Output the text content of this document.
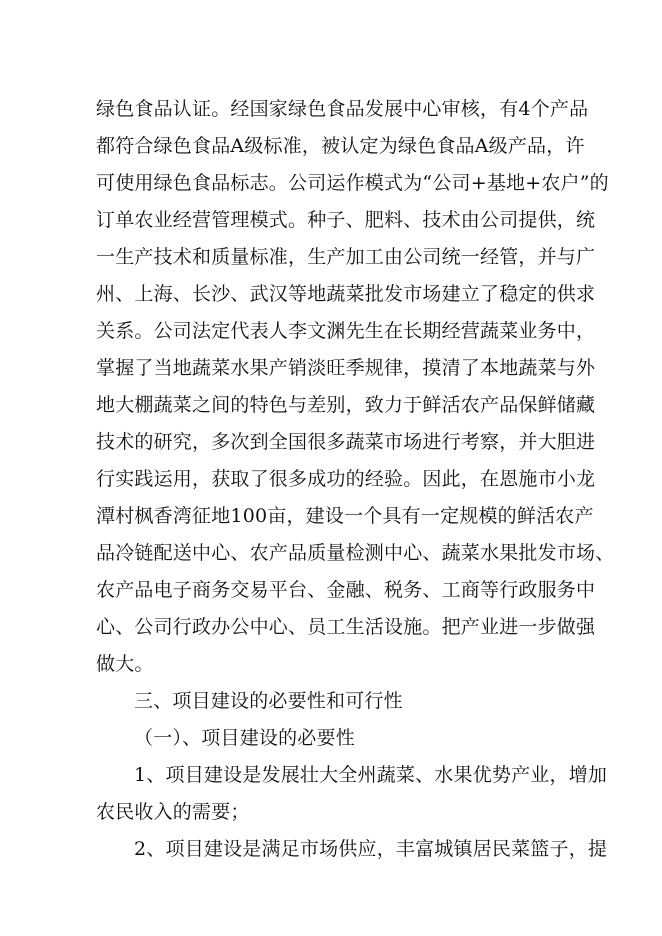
绿色食品认证。经国家绿色食品发展中心审核，有4个产品
都符合绿色食品A级标准，被认定为绿色食品A级产品，许
可使用绿色食品标志。公司运作模式为“公司+基地+农户”的
订单农业经营管理模式。种子、肥料、技术由公司提供，统
一生产技术和质量标准，生产加工由公司统一经管，并与广
州、上海、长沙、武汉等地蔬菜批发市场建立了稳定的供求
关系。公司法定代表人李文渊先生在长期经营蔬菜业务中，
掌握了当地蔬菜水果产销淡旺季规律，摸清了本地蔬菜与外
地大棚蔬菜之间的特色与差别，致力于鲜活农产品保鲜储藏
技术的研究，多次到全国很多蔬菜市场进行考察，并大胆进
行实践运用，获取了很多成功的经验。因此，在恩施市小龙
潭村枫香湾征地100亩，建设一个具有一定规模的鲜活农产
品冷链配送中心、农产品质量检测中心、蔬菜水果批发市场、
农产品电子商务交易平台、金融、税务、工商等行政服务中
心、公司行政办公中心、员工生活设施。把产业进一步做强
做大。
三、项目建设的必要性和可行性
（一）、项目建设的必要性
1、项目建设是发展壮大全州蔬菜、水果优势产业，增加
农民收入的需要；
2、项目建设是满足市场供应，丰富城镇居民菜篮子，提
